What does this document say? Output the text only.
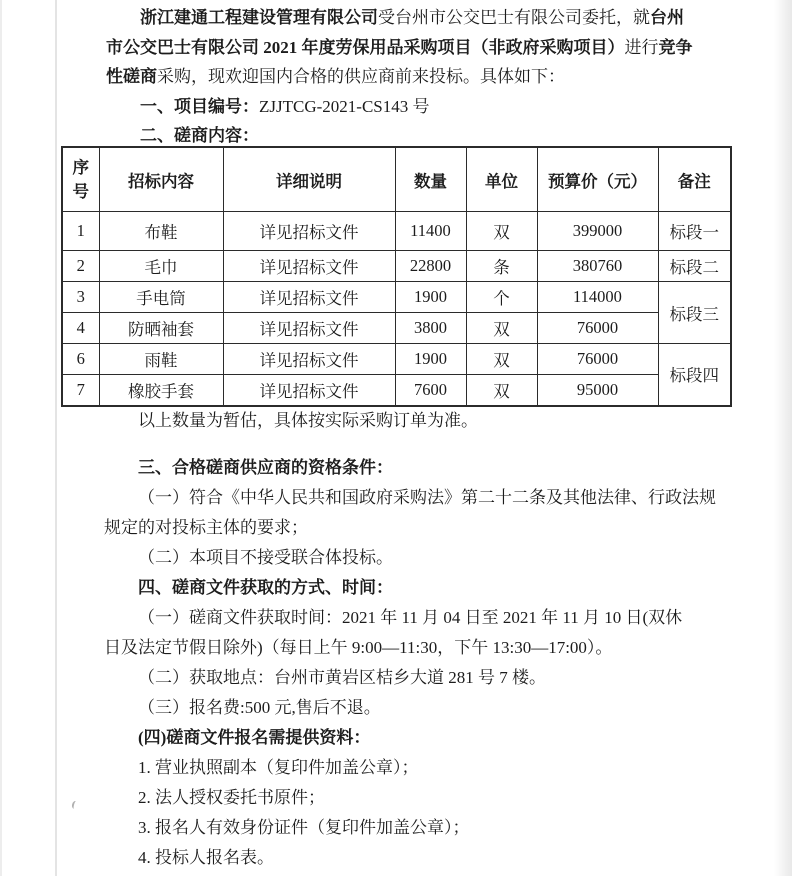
浙江建通工程建设管理有限公司受台州市公交巴士有限公司委托，就台州
市公交巴士有限公司 2021 年度劳保用品采购项目（非政府采购项目）进行竞争
性磋商采购，现欢迎国内合格的供应商前来投标。具体如下：
一、项目编号：ZJJTCG-2021-CS143 号
二、磋商内容：
序号	招标内容	详细说明	数量	单位	预算价（元）	备注
1	布鞋	详见招标文件	11400	双	399000	标段一
2	毛巾	详见招标文件	22800	条	380760	标段二
3	手电筒	详见招标文件	1900	个	114000	标段三
4	防晒袖套	详见招标文件	3800	双	76000	
6	雨鞋	详见招标文件	1900	双	76000	标段四
7	橡胶手套	详见招标文件	7600	双	95000	
以上数量为暂估，具体按实际采购订单为准。
三、合格磋商供应商的资格条件：
（一）符合《中华人民共和国政府采购法》第二十二条及其他法律、行政法规
规定的对投标主体的要求；
（二）本项目不接受联合体投标。
四、磋商文件获取的方式、时间：
（一）磋商文件获取时间：2021 年 11 月 04 日至 2021 年 11 月 10 日(双休
日及法定节假日除外)（每日上午 9:00—11:30，下午 13:30—17:00）。
（二）获取地点：台州市黄岩区桔乡大道 281 号 7 楼。
（三）报名费:500 元,售后不退。
(四)磋商文件报名需提供资料：
1. 营业执照副本（复印件加盖公章）；
2. 法人授权委托书原件；
3. 报名人有效身份证件（复印件加盖公章）；
4. 投标人报名表。
